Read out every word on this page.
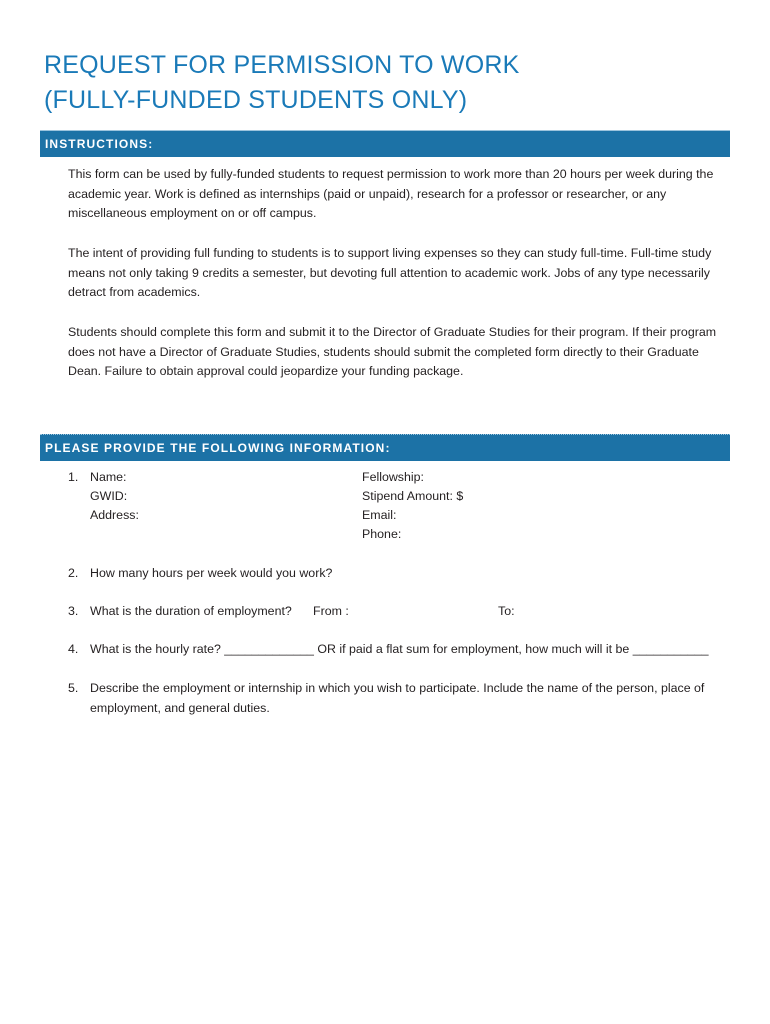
REQUEST FOR PERMISSION TO WORK
(FULLY-FUNDED STUDENTS ONLY)
INSTRUCTIONS:

This form can be used by fully-funded students to request permission to work more than 20 hours per week during the academic year. Work is defined as internships (paid or unpaid), research for a professor or researcher, or any miscellaneous employment on or off campus.

The intent of providing full funding to students is to support living expenses so they can study full-time. Full-time study means not only taking 9 credits a semester, but devoting full attention to academic work. Jobs of any type necessarily detract from academics.

Students should complete this form and submit it to the Director of Graduate Studies for their program. If their program does not have a Director of Graduate Studies, students should submit the completed form directly to their Graduate Dean. Failure to obtain approval could jeopardize your funding package.

PLEASE PROVIDE THE FOLLOWING INFORMATION:
1. Name:
GWID:
Address:
Fellowship:
Stipend Amount: $
Email:
Phone:
2. How many hours per week would you work?
3. What is the duration of employment? From :	To:
4. What is the hourly rate? _____________ OR if paid a flat sum for employment, how much will it be ___________
5. Describe the employment or internship in which you wish to participate. Include the name of the person, place of employment, and general duties.
